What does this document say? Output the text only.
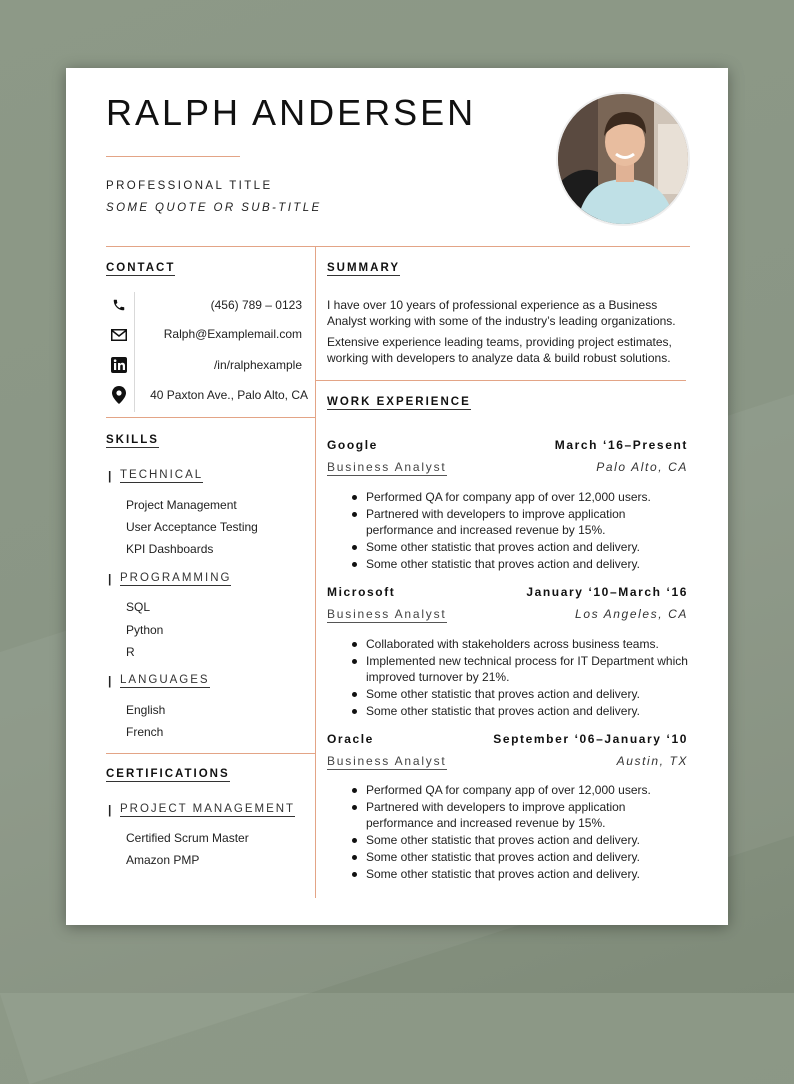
RALPH ANDERSEN
PROFESSIONAL TITLE
SOME QUOTE OR SUB-TITLE
CONTACT
(456) 789 – 0123
Ralph@Examplemail.com
/in/ralphexample
40 Paxton Ave., Palo Alto, CA
SKILLS
| TECHNICAL
Project Management
User Acceptance Testing
KPI Dashboards
| PROGRAMMING
SQL
Python
R
| LANGUAGES
English
French
CERTIFICATIONS
| PROJECT MANAGEMENT
Certified Scrum Master
Amazon PMP
SUMMARY
I have over 10 years of professional experience as a Business Analyst working with some of the industry’s leading organizations.
Extensive experience leading teams, providing project estimates, working with developers to analyze data & build robust solutions.
WORK EXPERIENCE
Google	March ‘16–Present
Business Analyst	Palo Alto, CA
Performed QA for company app of over 12,000 users.
Partnered with developers to improve application performance and increased revenue by 15%.
Some other statistic that proves action and delivery.
Some other statistic that proves action and delivery.
Microsoft	January ‘10–March ‘16
Business Analyst	Los Angeles, CA
Collaborated with stakeholders across business teams.
Implemented new technical process for IT Department which improved turnover by 21%.
Some other statistic that proves action and delivery.
Some other statistic that proves action and delivery.
Oracle	September ‘06–January ‘10
Business Analyst	Austin, TX
Performed QA for company app of over 12,000 users.
Partnered with developers to improve application performance and increased revenue by 15%.
Some other statistic that proves action and delivery.
Some other statistic that proves action and delivery.
Some other statistic that proves action and delivery.
